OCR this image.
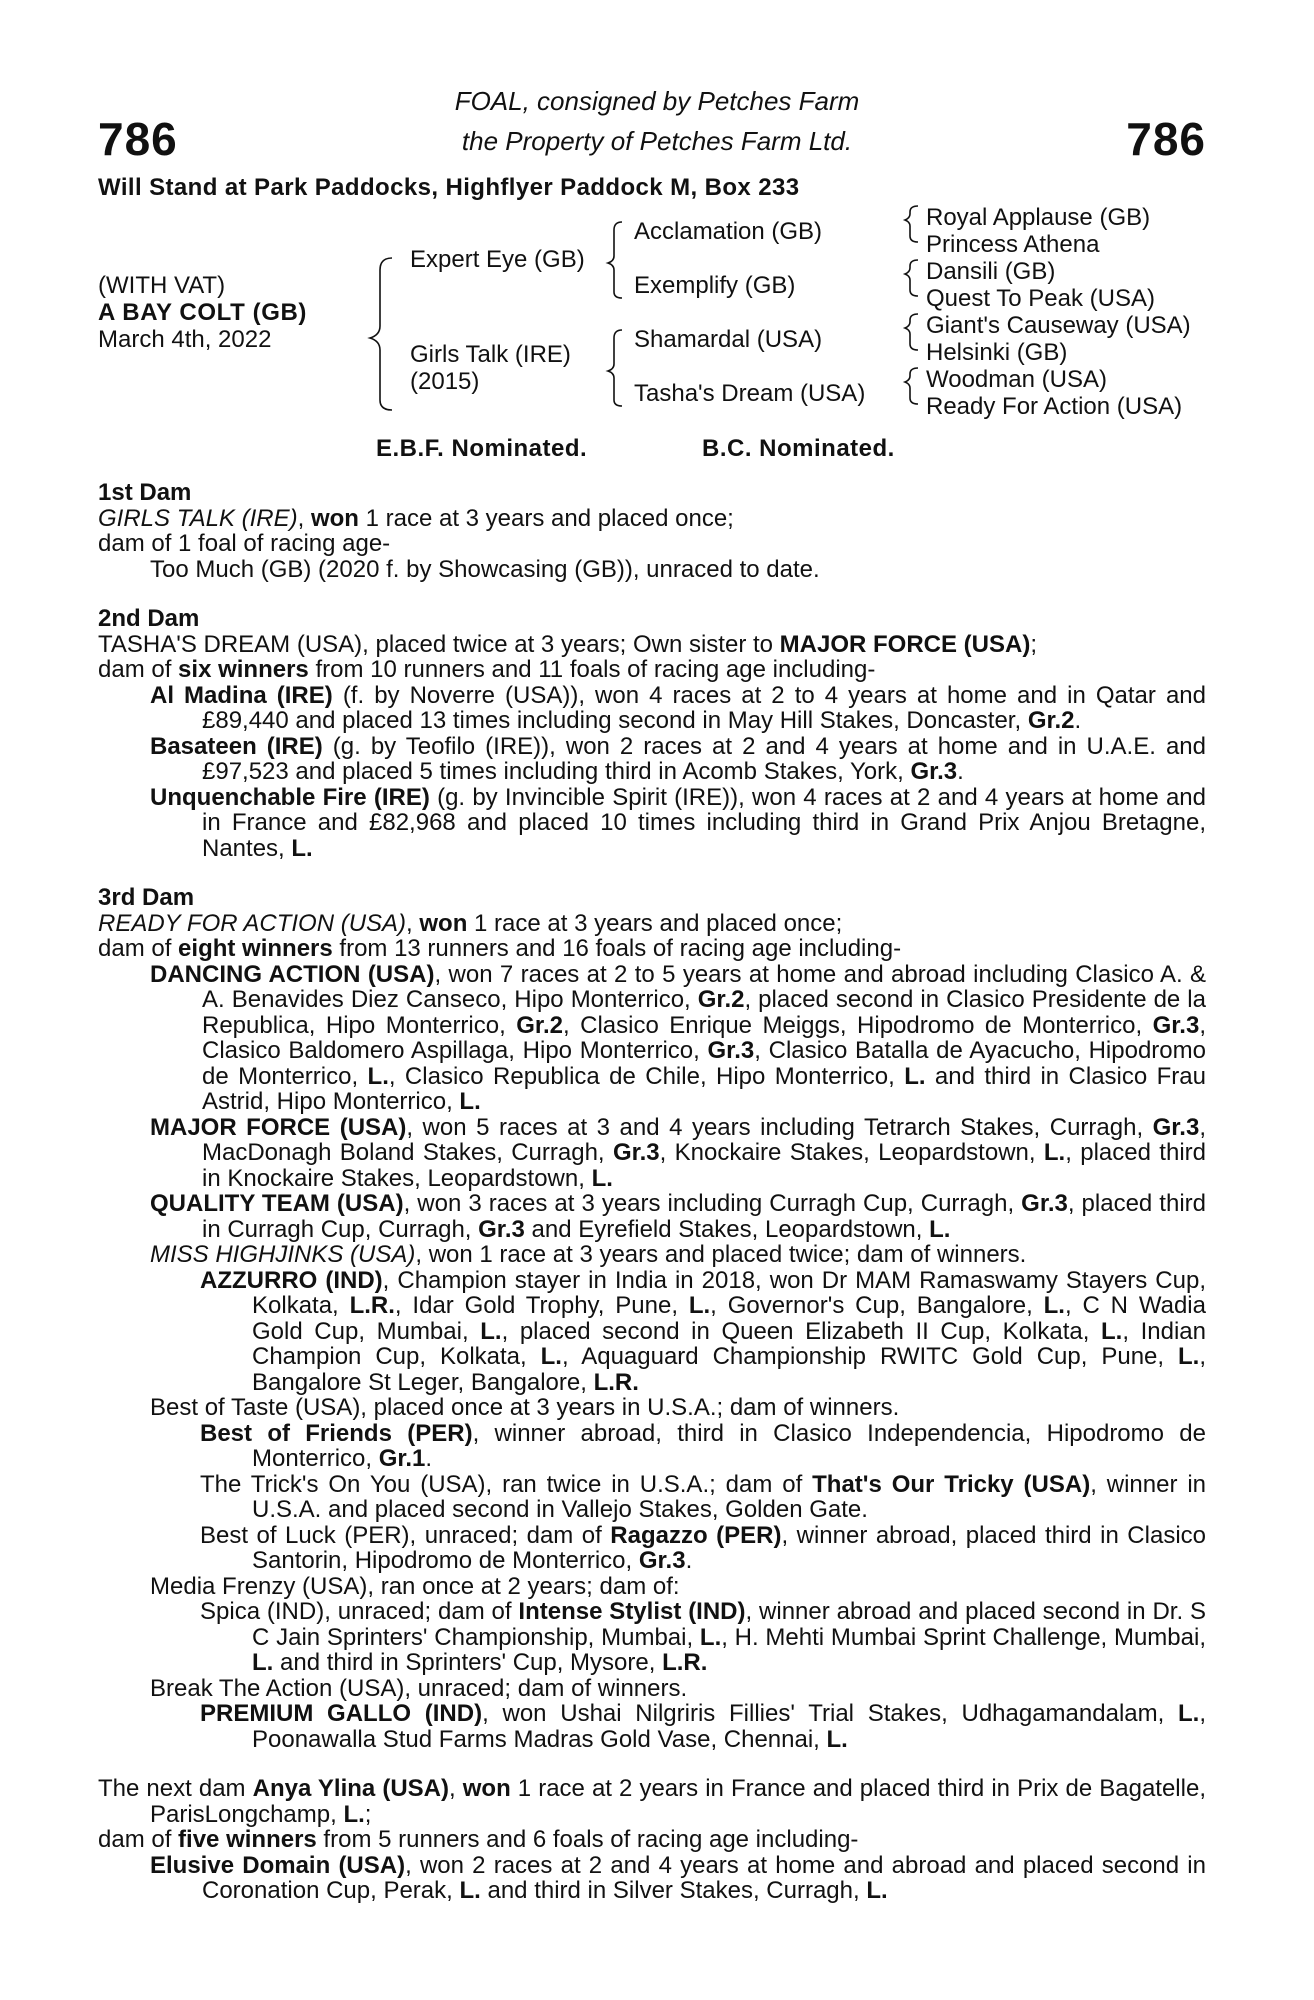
786	786
FOAL, consigned by Petches Farm
the Property of Petches Farm Ltd.
Will Stand at Park Paddocks, Highflyer Paddock M, Box 233
(WITH VAT)
A BAY COLT (GB)
March 4th, 2022
Expert Eye (GB)
Girls Talk (IRE)
(2015)
Acclamation (GB)
Exemplify (GB)
Shamardal (USA)
Tasha's Dream (USA)
Royal Applause (GB)
Princess Athena
Dansili (GB)
Quest To Peak (USA)
Giant's Causeway (USA)
Helsinki (GB)
Woodman (USA)
Ready For Action (USA)
E.B.F. Nominated.	B.C. Nominated.

1st Dam

GIRLS TALK (IRE), won 1 race at 3 years and placed once;

dam of 1 foal of racing age-

Too Much (GB) (2020 f. by Showcasing (GB)), unraced to date.

2nd Dam

TASHA'S DREAM (USA), placed twice at 3 years; Own sister to MAJOR FORCE (USA);

dam of six winners from 10 runners and 11 foals of racing age including-

Al Madina (IRE) (f. by Noverre (USA)), won 4 races at 2 to 4 years at home and in Qatar and £89,440 and placed 13 times including second in May Hill Stakes, Doncaster, Gr.2.

Basateen (IRE) (g. by Teofilo (IRE)), won 2 races at 2 and 4 years at home and in U.A.E. and £97,523 and placed 5 times including third in Acomb Stakes, York, Gr.3.

Unquenchable Fire (IRE) (g. by Invincible Spirit (IRE)), won 4 races at 2 and 4 years at home and in France and £82,968 and placed 10 times including third in Grand Prix Anjou Bretagne, Nantes, L.

3rd Dam

READY FOR ACTION (USA), won 1 race at 3 years and placed once;

dam of eight winners from 13 runners and 16 foals of racing age including-

DANCING ACTION (USA), won 7 races at 2 to 5 years at home and abroad including Clasico A. & A. Benavides Diez Canseco, Hipo Monterrico, Gr.2, placed second in Clasico Presidente de la Republica, Hipo Monterrico, Gr.2, Clasico Enrique Meiggs, Hipodromo de Monterrico, Gr.3, Clasico Baldomero Aspillaga, Hipo Monterrico, Gr.3, Clasico Batalla de Ayacucho, Hipodromo de Monterrico, L., Clasico Republica de Chile, Hipo Monterrico, L. and third in Clasico Frau Astrid, Hipo Monterrico, L.

MAJOR FORCE (USA), won 5 races at 3 and 4 years including Tetrarch Stakes, Curragh, Gr.3, MacDonagh Boland Stakes, Curragh, Gr.3, Knockaire Stakes, Leopardstown, L., placed third in Knockaire Stakes, Leopardstown, L.

QUALITY TEAM (USA), won 3 races at 3 years including Curragh Cup, Curragh, Gr.3, placed third in Curragh Cup, Curragh, Gr.3 and Eyrefield Stakes, Leopardstown, L.

MISS HIGHJINKS (USA), won 1 race at 3 years and placed twice; dam of winners.

AZZURRO (IND), Champion stayer in India in 2018, won Dr MAM Ramaswamy Stayers Cup, Kolkata, L.R., Idar Gold Trophy, Pune, L., Governor's Cup, Bangalore, L., C N Wadia Gold Cup, Mumbai, L., placed second in Queen Elizabeth II Cup, Kolkata, L., Indian Champion Cup, Kolkata, L., Aquaguard Championship RWITC Gold Cup, Pune, L., Bangalore St Leger, Bangalore, L.R.

Best of Taste (USA), placed once at 3 years in U.S.A.; dam of winners.

Best of Friends (PER), winner abroad, third in Clasico Independencia, Hipodromo de Monterrico, Gr.1.

The Trick's On You (USA), ran twice in U.S.A.; dam of That's Our Tricky (USA), winner in U.S.A. and placed second in Vallejo Stakes, Golden Gate.

Best of Luck (PER), unraced; dam of Ragazzo (PER), winner abroad, placed third in Clasico Santorin, Hipodromo de Monterrico, Gr.3.

Media Frenzy (USA), ran once at 2 years; dam of:

Spica (IND), unraced; dam of Intense Stylist (IND), winner abroad and placed second in Dr. S C Jain Sprinters' Championship, Mumbai, L., H. Mehti Mumbai Sprint Challenge, Mumbai, L. and third in Sprinters' Cup, Mysore, L.R.

Break The Action (USA), unraced; dam of winners.

PREMIUM GALLO (IND), won Ushai Nilgriris Fillies' Trial Stakes, Udhagamandalam, L., Poonawalla Stud Farms Madras Gold Vase, Chennai, L.

The next dam Anya Ylina (USA), won 1 race at 2 years in France and placed third in Prix de Bagatelle, ParisLongchamp, L.;

dam of five winners from 5 runners and 6 foals of racing age including-

Elusive Domain (USA), won 2 races at 2 and 4 years at home and abroad and placed second in Coronation Cup, Perak, L. and third in Silver Stakes, Curragh, L.
